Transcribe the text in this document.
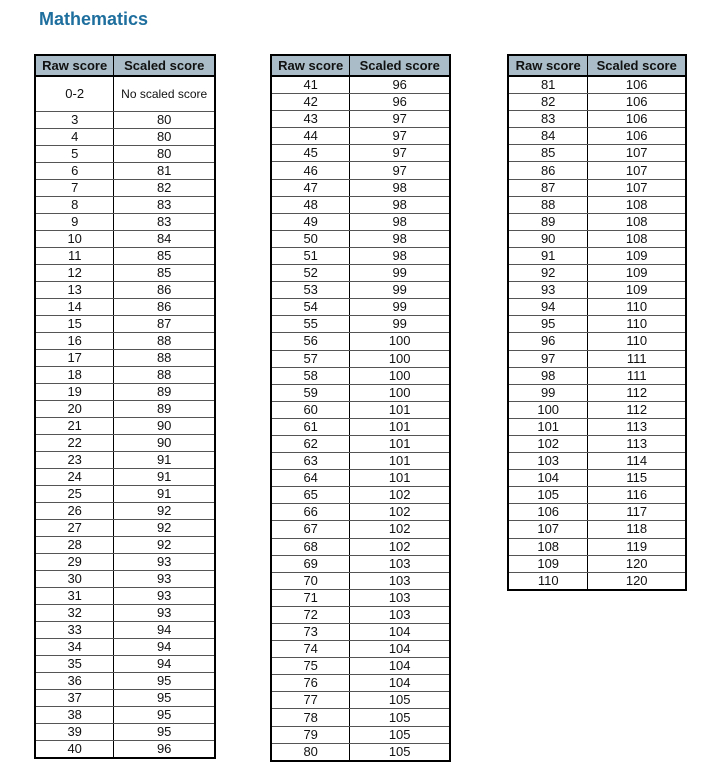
Mathematics
Raw score	Scaled score
0-2	No scaled score
3	80
4	80
5	80
6	81
7	82
8	83
9	83
10	84
11	85
12	85
13	86
14	86
15	87
16	88
17	88
18	88
19	89
20	89
21	90
22	90
23	91
24	91
25	91
26	92
27	92
28	92
29	93
30	93
31	93
32	93
33	94
34	94
35	94
36	95
37	95
38	95
39	95
40	96
Raw score	Scaled score
41	96
42	96
43	97
44	97
45	97
46	97
47	98
48	98
49	98
50	98
51	98
52	99
53	99
54	99
55	99
56	100
57	100
58	100
59	100
60	101
61	101
62	101
63	101
64	101
65	102
66	102
67	102
68	102
69	103
70	103
71	103
72	103
73	104
74	104
75	104
76	104
77	105
78	105
79	105
80	105
Raw score	Scaled score
81	106
82	106
83	106
84	106
85	107
86	107
87	107
88	108
89	108
90	108
91	109
92	109
93	109
94	110
95	110
96	110
97	111
98	111
99	112
100	112
101	113
102	113
103	114
104	115
105	116
106	117
107	118
108	119
109	120
110	120
